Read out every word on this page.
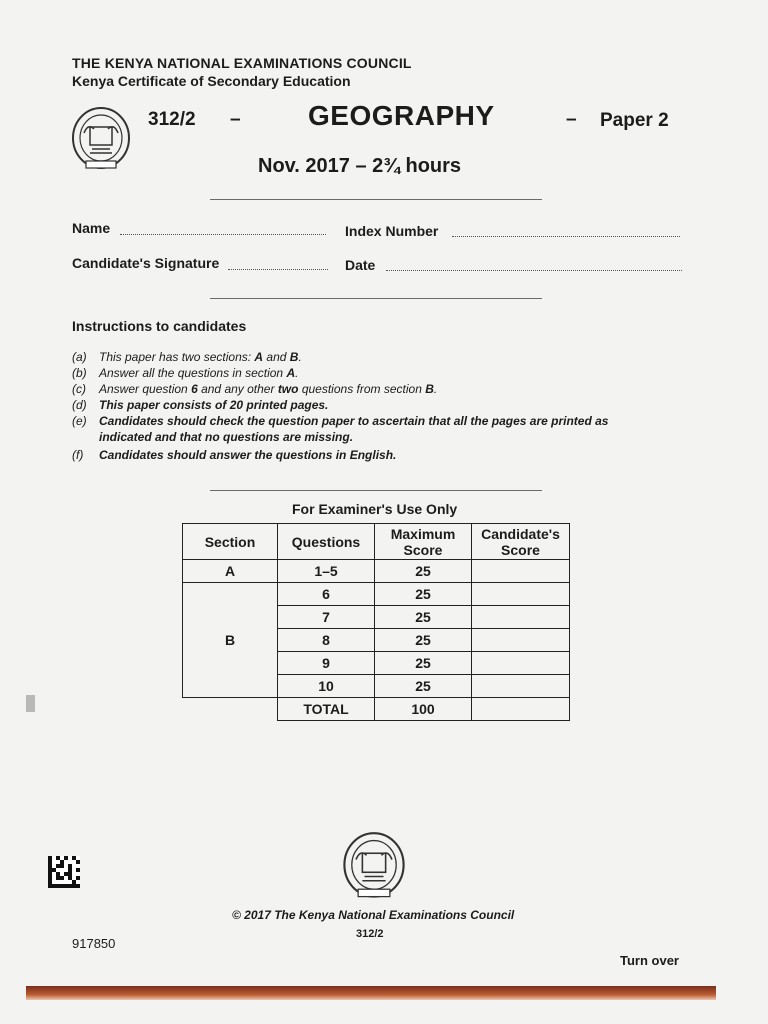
THE KENYA NATIONAL EXAMINATIONS COUNCIL
Kenya Certificate of Secondary Education
312/2 – GEOGRAPHY	– Paper 2
Nov. 2017 – 2¾ hours
Name	Index Number
Candidate's Signature	Date
Instructions to candidates
(a) This paper has two sections: A and B.
(b) Answer all the questions in section A.
(c) Answer question 6 and any other two questions from section B.
(d) This paper consists of 20 printed pages.
(e) Candidates should check the question paper to ascertain that all the pages are printed as
indicated and that no questions are missing.
(f) Candidates should answer the questions in English.
For Examiner's Use Only
Section	Questions	Maximum Score	Candidate's Score
A	1–5	25	
B	6	25	
	7	25	
	8	25	
	9	25	
	10	25	
	TOTAL	100	
© 2017 The Kenya National Examinations Council
312/2
917850
Turn over
